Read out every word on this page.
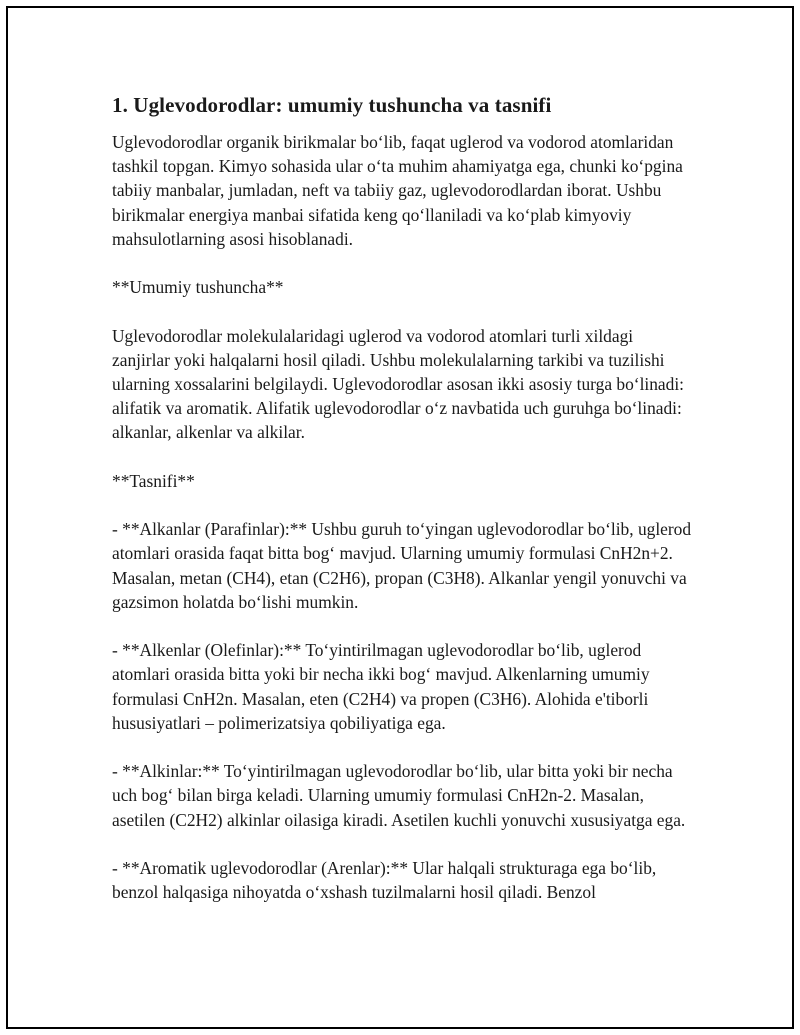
1. Uglevodorodlar: umumiy tushuncha va tasnifi

Uglevodorodlar organik birikmalar bo‘lib, faqat uglerod va vodorod atomlaridan tashkil topgan. Kimyo sohasida ular o‘ta muhim ahamiyatga ega, chunki ko‘pgina tabiiy manbalar, jumladan, neft va tabiiy gaz, uglevodorodlardan iborat. Ushbu birikmalar energiya manbai sifatida keng qo‘llaniladi va ko‘plab kimyoviy mahsulotlarning asosi hisoblanadi.

**Umumiy tushuncha**

Uglevodorodlar molekulalaridagi uglerod va vodorod atomlari turli xildagi zanjirlar yoki halqalarni hosil qiladi. Ushbu molekulalarning tarkibi va tuzilishi ularning xossalarini belgilaydi. Uglevodorodlar asosan ikki asosiy turga bo‘linadi: alifatik va aromatik. Alifatik uglevodorodlar o‘z navbatida uch guruhga bo‘linadi: alkanlar, alkenlar va alkilar.

**Tasnifi**

- **Alkanlar (Parafinlar):** Ushbu guruh to‘yingan uglevodorodlar bo‘lib, uglerod atomlari orasida faqat bitta bog‘ mavjud. Ularning umumiy formulasi CnH2n+2. Masalan, metan (CH4), etan (C2H6), propan (C3H8). Alkanlar yengil yonuvchi va gazsimon holatda bo‘lishi mumkin.

- **Alkenlar (Olefinlar):** To‘yintirilmagan uglevodorodlar bo‘lib, uglerod atomlari orasida bitta yoki bir necha ikki bog‘ mavjud. Alkenlarning umumiy formulasi CnH2n. Masalan, eten (C2H4) va propen (C3H6). Alohida e'tiborli hususiyatlari – polimerizatsiya qobiliyatiga ega.

- **Alkinlar:** To‘yintirilmagan uglevodorodlar bo‘lib, ular bitta yoki bir necha uch bog‘ bilan birga keladi. Ularning umumiy formulasi CnH2n-2. Masalan, asetilen (C2H2) alkinlar oilasiga kiradi. Asetilen kuchli yonuvchi xususiyatga ega.

- **Aromatik uglevodorodlar (Arenlar):** Ular halqali strukturaga ega bo‘lib, benzol halqasiga nihoyatda o‘xshash tuzilmalarni hosil qiladi. Benzol
